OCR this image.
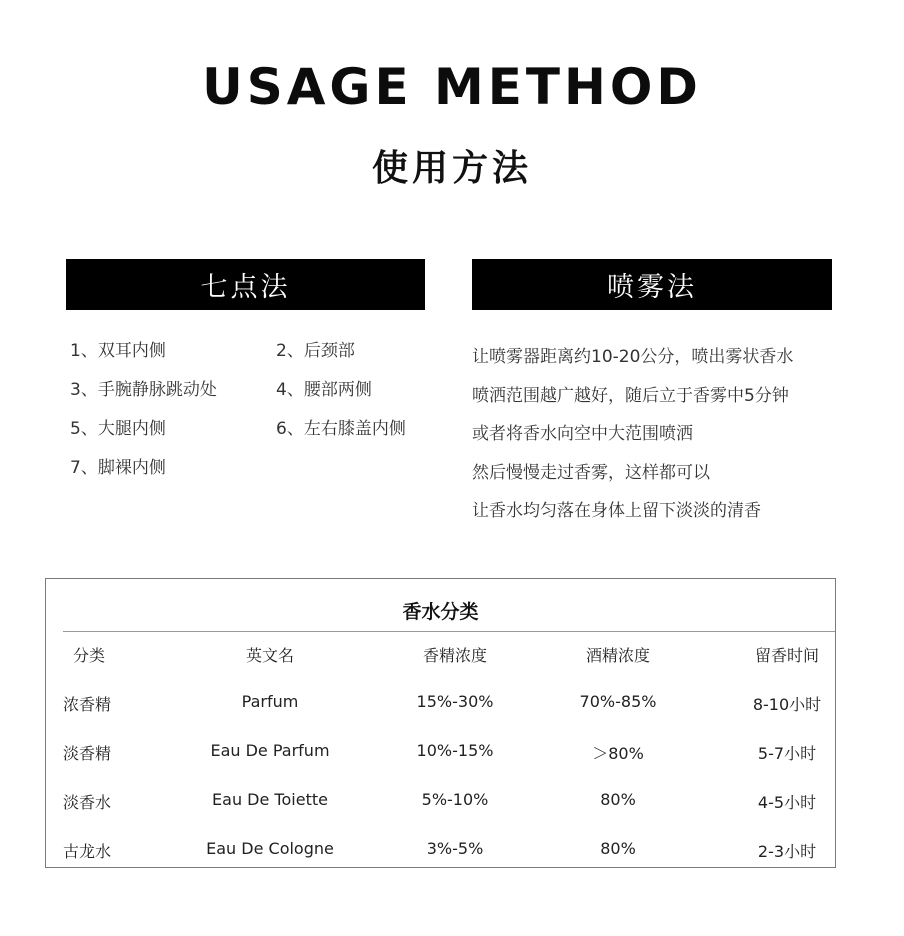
USAGE METHOD
使用方法
七点法	喷雾法
1、双耳内侧	2、后颈部
3、手腕静脉跳动处	4、腰部两侧
5、大腿内侧	6、左右膝盖内侧
7、脚裸内侧
让喷雾器距离约10-20公分，喷出雾状香水
喷洒范围越广越好，随后立于香雾中5分钟
或者将香水向空中大范围喷洒
然后慢慢走过香雾，这样都可以
让香水均匀落在身体上留下淡淡的清香
香水分类
分类	英文名	香精浓度	酒精浓度	留香时间
浓香精	Parfum	15%-30%	70%-85%	8-10小时
淡香精	Eau De Parfum	10%-15%	＞80%	5-7小时
淡香水	Eau De Toiette	5%-10%	80%	4-5小时
古龙水	Eau De Cologne	3%-5%	80%	2-3小时
